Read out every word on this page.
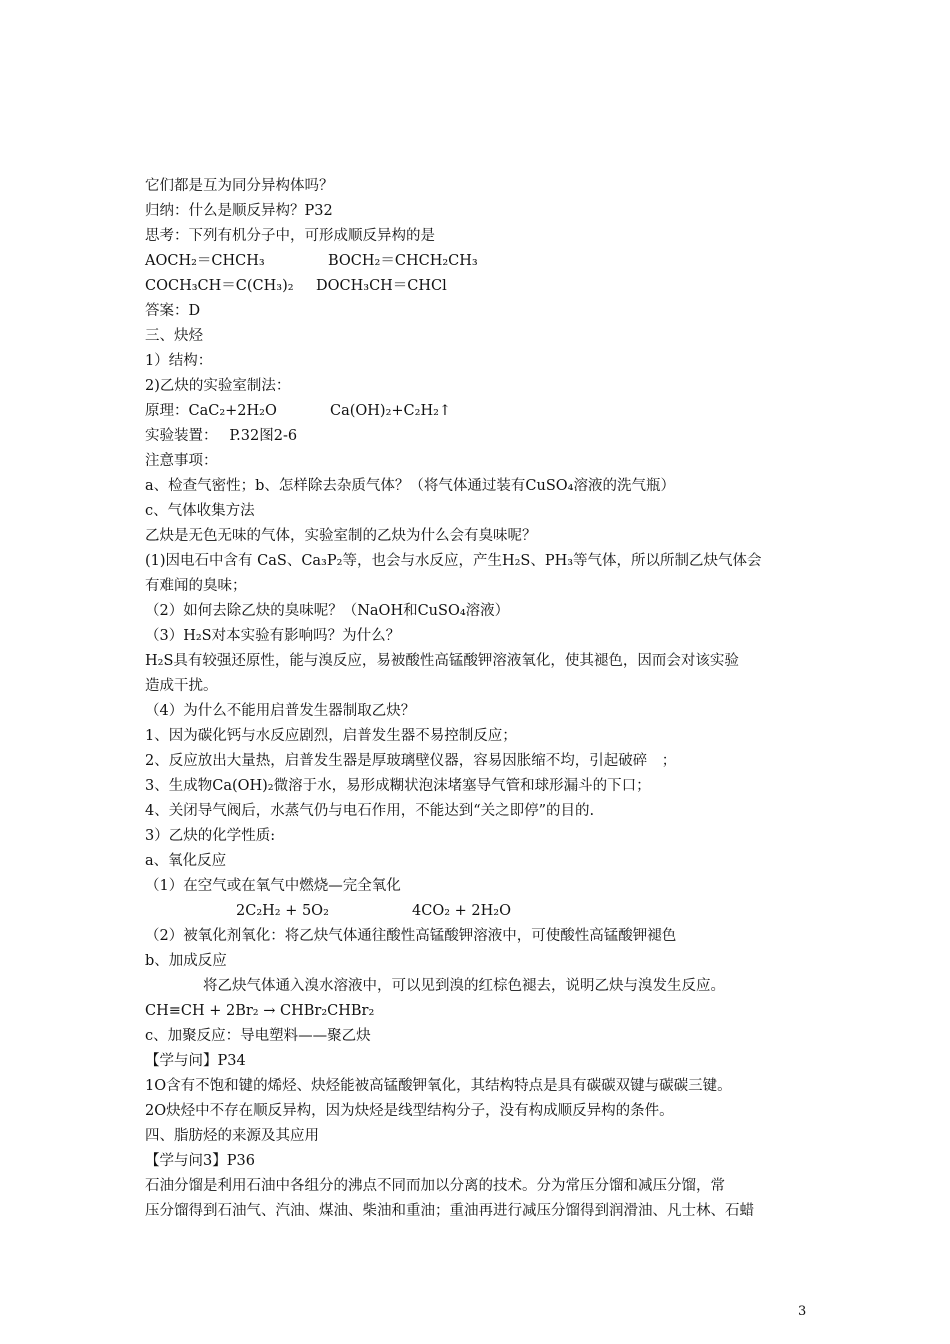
它们都是互为同分异构体吗？
归纳：什么是顺反异构？P32
思考：下列有机分子中，可形成顺反异构的是
AOCH₂＝CHCH₃	BOCH₂＝CHCH₂CH₃
COCH₃CH＝C(CH₃)₂ DOCH₃CH＝CHCl
答案：D
三、炔烃
1）结构：
2)乙炔的实验室制法：
原理：CaC₂+2H₂O	Ca(OH)₂+C₂H₂↑
实验装置：　 P.32图2-6
注意事项：
a、检查气密性；b、怎样除去杂质气体？（将气体通过装有CuSO₄溶液的洗气瓶）
c、气体收集方法
乙炔是无色无味的气体，实验室制的乙炔为什么会有臭味呢？
(1)因电石中含有 CaS、Ca₃P₂等，也会与水反应，产生H₂S、PH₃等气体，所以所制乙炔气体会
有难闻的臭味；
（2）如何去除乙炔的臭味呢？（NaOH和CuSO₄溶液）
（3）H₂S对本实验有影响吗？为什么？
H₂S具有较强还原性，能与溴反应，易被酸性高锰酸钾溶液氧化，使其褪色，因而会对该实验
造成干扰。
（4）为什么不能用启普发生器制取乙炔？
1、因为碳化钙与水反应剧烈，启普发生器不易控制反应；
2、反应放出大量热，启普发生器是厚玻璃壁仪器，容易因胀缩不均，引起破碎　；
3、生成物Ca(OH)₂微溶于水，易形成糊状泡沫堵塞导气管和球形漏斗的下口；
4、关闭导气阀后，水蒸气仍与电石作用，不能达到“关之即停”的目的.
3）乙炔的化学性质:
a、氧化反应
（1）在空气或在氧气中燃烧—完全氧化
2C₂H₂ + 5O₂	4CO₂ + 2H₂O
（2）被氧化剂氧化：将乙炔气体通往酸性高锰酸钾溶液中，可使酸性高锰酸钾褪色
b、加成反应
将乙炔气体通入溴水溶液中，可以见到溴的红棕色褪去，说明乙炔与溴发生反应。
CH≡CH + 2Br₂ → CHBr₂CHBr₂
c、加聚反应：导电塑料——聚乙炔
【学与问】P34
1O含有不饱和键的烯烃、炔烃能被高锰酸钾氧化，其结构特点是具有碳碳双键与碳碳三键。
2O炔烃中不存在顺反异构，因为炔烃是线型结构分子，没有构成顺反异构的条件。
四、脂肪烃的来源及其应用
【学与问3】P36
石油分馏是利用石油中各组分的沸点不同而加以分离的技术。分为常压分馏和减压分馏，常
压分馏得到石油气、汽油、煤油、柴油和重油；重油再进行减压分馏得到润滑油、凡士林、石蜡
3
